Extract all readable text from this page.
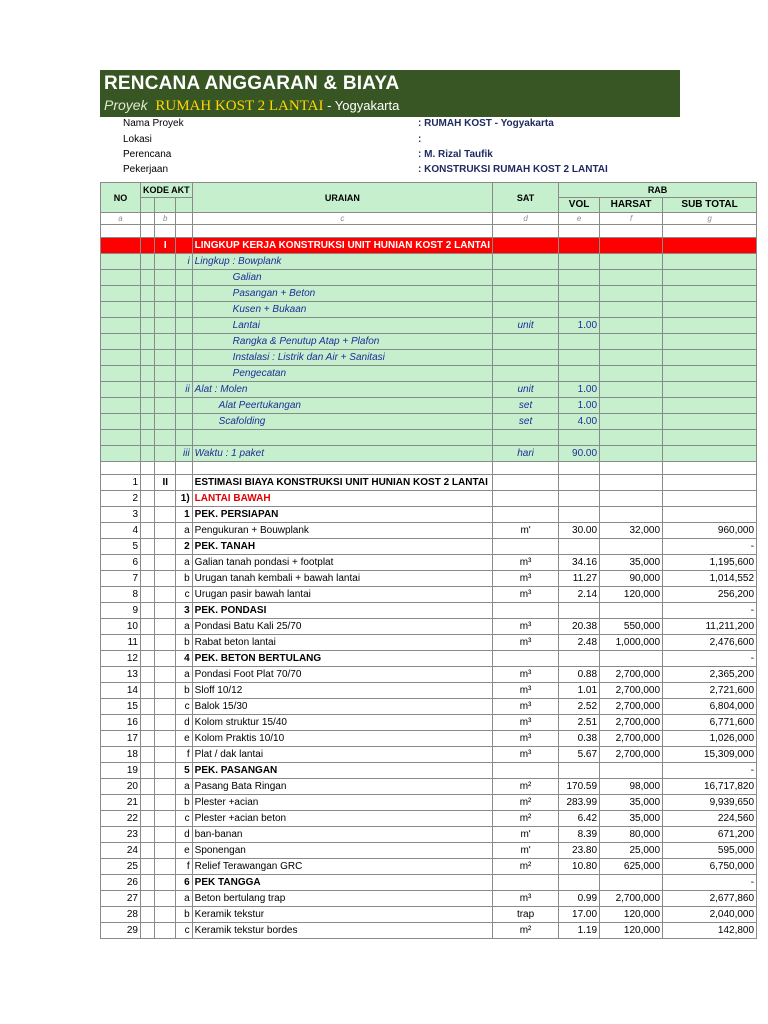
RENCANA ANGGARAN & BIAYA
Proyek RUMAH KOST 2 LANTAI - Yogyakarta
Nama Proyek	: RUMAH KOST - Yogyakarta
Lokasi	:
Perencana	: M. Rizal Taufik
Pekerjaan	: KONSTRUKSI RUMAH KOST 2 LANTAI
NO	KODE AKT			URAIAN	SAT	RAB		
						VOL	HARSAT	SUB TOTAL
a		b		c	d	e	f	g

		I		LINGKUP KERJA KONSTRUKSI UNIT HUNIAN KOST 2 LANTAI				
			i	Lingkup : Bowplank				
				Galian				
				Pasangan + Beton				
				Kusen + Bukaan				
				Lantai	unit	1.00		
				Rangka & Penutup Atap + Plafon				
				Instalasi : Listrik dan Air + Sanitasi				
				Pengecatan				
			ii	Alat : Molen	unit	1.00		
				Alat Peertukangan	set	1.00		
				Scafolding	set	4.00		

			iii	Waktu : 1 paket	hari	90.00		

1		II		ESTIMASI BIAYA KONSTRUKSI UNIT HUNIAN KOST 2 LANTAI				
2			1)	LANTAI BAWAH				
3			1	PEK. PERSIAPAN				
4			a	Pengukuran + Bouwplank	m'	30.00	32,000	960,000
5			2	PEK. TANAH				-
6			a	Galian tanah pondasi + footplat	m³	34.16	35,000	1,195,600
7			b	Urugan tanah kembali + bawah lantai	m³	11.27	90,000	1,014,552
8			c	Urugan pasir bawah lantai	m³	2.14	120,000	256,200
9			3	PEK. PONDASI				-
10			a	Pondasi Batu Kali 25/70	m³	20.38	550,000	11,211,200
11			b	Rabat beton lantai	m³	2.48	1,000,000	2,476,600
12			4	PEK. BETON BERTULANG				-
13			a	Pondasi Foot Plat 70/70	m³	0.88	2,700,000	2,365,200
14			b	Sloff 10/12	m³	1.01	2,700,000	2,721,600
15			c	Balok 15/30	m³	2.52	2,700,000	6,804,000
16			d	Kolom struktur 15/40	m³	2.51	2,700,000	6,771,600
17			e	Kolom Praktis 10/10	m³	0.38	2,700,000	1,026,000
18			f	Plat / dak lantai	m³	5.67	2,700,000	15,309,000
19			5	PEK. PASANGAN				-
20			a	Pasang Bata Ringan	m²	170.59	98,000	16,717,820
21			b	Plester +acian	m²	283.99	35,000	9,939,650
22			c	Plester +acian beton	m²	6.42	35,000	224,560
23			d	ban-banan	m'	8.39	80,000	671,200
24			e	Sponengan	m'	23.80	25,000	595,000
25			f	Relief Terawangan GRC	m²	10.80	625,000	6,750,000
26			6	PEK TANGGA				-
27			a	Beton bertulang trap	m³	0.99	2,700,000	2,677,860
28			b	Keramik tekstur	trap	17.00	120,000	2,040,000
29			c	Keramik tekstur bordes	m²	1.19	120,000	142,800
